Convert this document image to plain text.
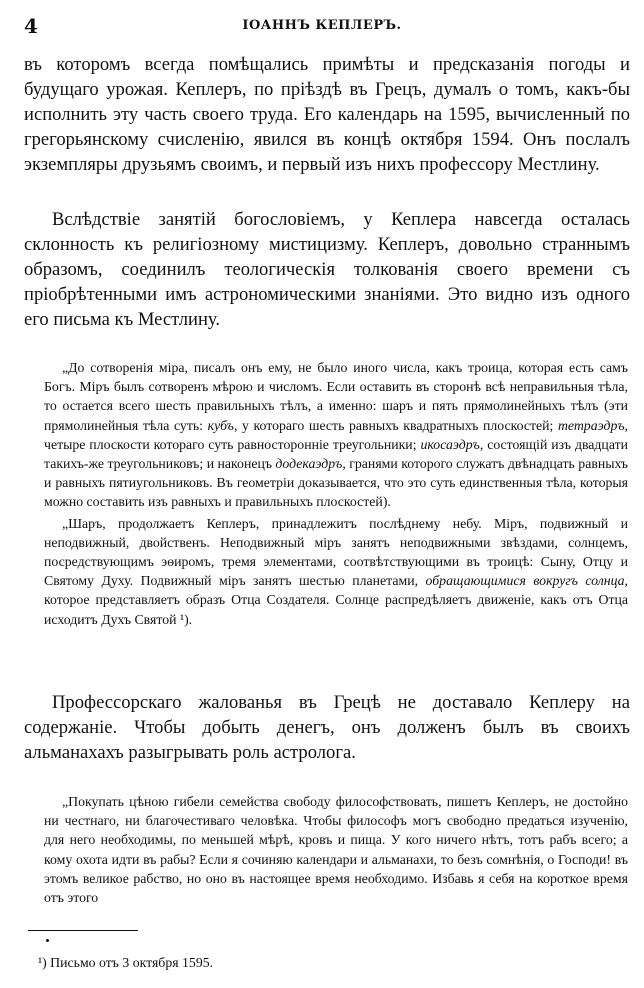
4	ІОАННЪ КЕПЛЕРЪ.

въ которомъ всегда помѣщались примѣты и предсказанія погоды и будущаго урожая. Кеплеръ, по пріѣздѣ въ Грецъ, думалъ о томъ, какъ-бы исполнить эту часть своего труда. Его календарь на 1595, вычисленный по грегорьянскому счисленію, явился въ концѣ октября 1594. Онъ послалъ экземпляры друзьямъ своимъ, и первый изъ нихъ профессору Местлину.

Вслѣдствіе занятій богословіемъ, у Кеплера навсегда осталась склонность къ религіозному мистицизму. Кеплеръ, довольно страннымъ образомъ, соединилъ теологическія толкованія своего времени съ пріобрѣтенными имъ астрономическими знаніями. Это видно изъ одного его письма къ Местлину.

„До сотворенія міра, писалъ онъ ему, не было иного числа, какъ троица, которая есть самъ Богъ. Міръ былъ сотворенъ мѣрою и числомъ. Если оставить въ сторонѣ всѣ неправильныя тѣла, то остается всего шесть правильныхъ тѣлъ, а именно: шаръ и пять прямолинейныхъ тѣлъ (эти прямолинейныя тѣла суть: кубъ, у котораго шесть равныхъ квадратныхъ плоскостей; тетраэдръ, четыре плоскости котораго суть равносторонніе треугольники; икосаэдръ, состоящій изъ двадцати такихъ-же треугольниковъ; и наконецъ додекаэдръ, гранями которого служатъ двѣнадцать равныхъ и равныхъ пятиугольниковъ. Въ геометріи доказывается, что это суть единственныя тѣла, которыя можно составить изъ равныхъ и правильныхъ плоскостей).

„Шаръ, продолжаетъ Кеплеръ, принадлежитъ послѣднему небу. Міръ, подвижный и неподвижный, двойственъ. Неподвижный міръ занятъ неподвижными звѣздами, солнцемъ, посредствующимъ эѳиромъ, тремя элементами, соотвѣтствующими въ троицѣ: Сыну, Отцу и Святому Духу. Подвижный міръ занятъ шестью планетами, обращающимися вокругъ солнца, которое представляетъ образъ Отца Создателя. Солнце распредѣляетъ движеніе, какъ отъ Отца исходитъ Духъ Святой ¹).

Профессорскаго жалованья въ Грецѣ не доставало Кеплеру на содержаніе. Чтобы добыть денегъ, онъ долженъ былъ въ своихъ альманахахъ разыгрывать роль астролога.

„Покупать цѣною гибели семейства свободу философствовать, пишетъ Кеплеръ, не достойно ни честнаго, ни благочестиваго человѣка. Чтобы философъ могъ свободно предаться изученію, для него необходимы, по меньшей мѣрѣ, кровъ и пища. У кого ничего нѣтъ, тотъ рабъ всего; а кому охота идти въ рабы? Если я сочиняю календари и альманахи, то безъ сомнѣнія, о Господи! въ этомъ великое рабство, но оно въ настоящее время необходимо. Избавь я себя на короткое время отъ этого

¹) Письмо отъ 3 октября 1595.
